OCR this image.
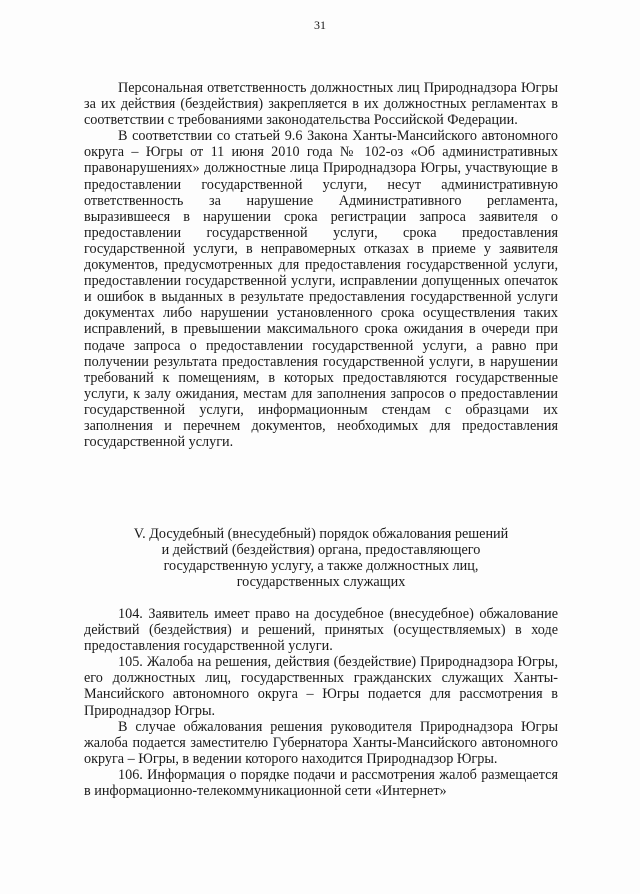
31

Персональная ответственность должностных лиц Природнадзора Югры за их действия (бездействия) закрепляется в их должностных регламентах в соответствии с требованиями законодательства Российской Федерации.

В соответствии со статьей 9.6 Закона Ханты-Мансийского автономного округа – Югры от 11 июня 2010 года № 102-оз «Об административных правонарушениях» должностные лица Природнадзора Югры, участвующие в предоставлении государственной услуги, несут административную ответственность за нарушение Административного регламента, выразившееся в нарушении срока регистрации запроса заявителя о предоставлении государственной услуги, срока предоставления государственной услуги, в неправомерных отказах в приеме у заявителя документов, предусмотренных для предоставления государственной услуги, предоставлении государственной услуги, исправлении допущенных опечаток и ошибок в выданных в результате предоставления государственной услуги документах либо нарушении установленного срока осуществления таких исправлений, в превышении максимального срока ожидания в очереди при подаче запроса о предоставлении государственной услуги, а равно при получении результата предоставления государственной услуги, в нарушении требований к помещениям, в которых предоставляются государственные услуги, к залу ожидания, местам для заполнения запросов о предоставлении государственной услуги, информационным стендам с образцами их заполнения и перечнем документов, необходимых для предоставления государственной услуги.

V. Досудебный (внесудебный) порядок обжалования решений
и действий (бездействия) органа, предоставляющего
государственную услугу, а также должностных лиц,
государственных служащих

104. Заявитель имеет право на досудебное (внесудебное) обжалование действий (бездействия) и решений, принятых (осуществляемых) в ходе предоставления государственной услуги.

105. Жалоба на решения, действия (бездействие) Природнадзора Югры, его должностных лиц, государственных гражданских служащих Ханты-Мансийского автономного округа – Югры подается для рассмотрения в Природнадзор Югры.

В случае обжалования решения руководителя Природнадзора Югры жалоба подается заместителю Губернатора Ханты-Мансийского автономного округа – Югры, в ведении которого находится Природнадзор Югры.

106. Информация о порядке подачи и рассмотрения жалоб размещается в информационно-телекоммуникационной сети «Интернет»
